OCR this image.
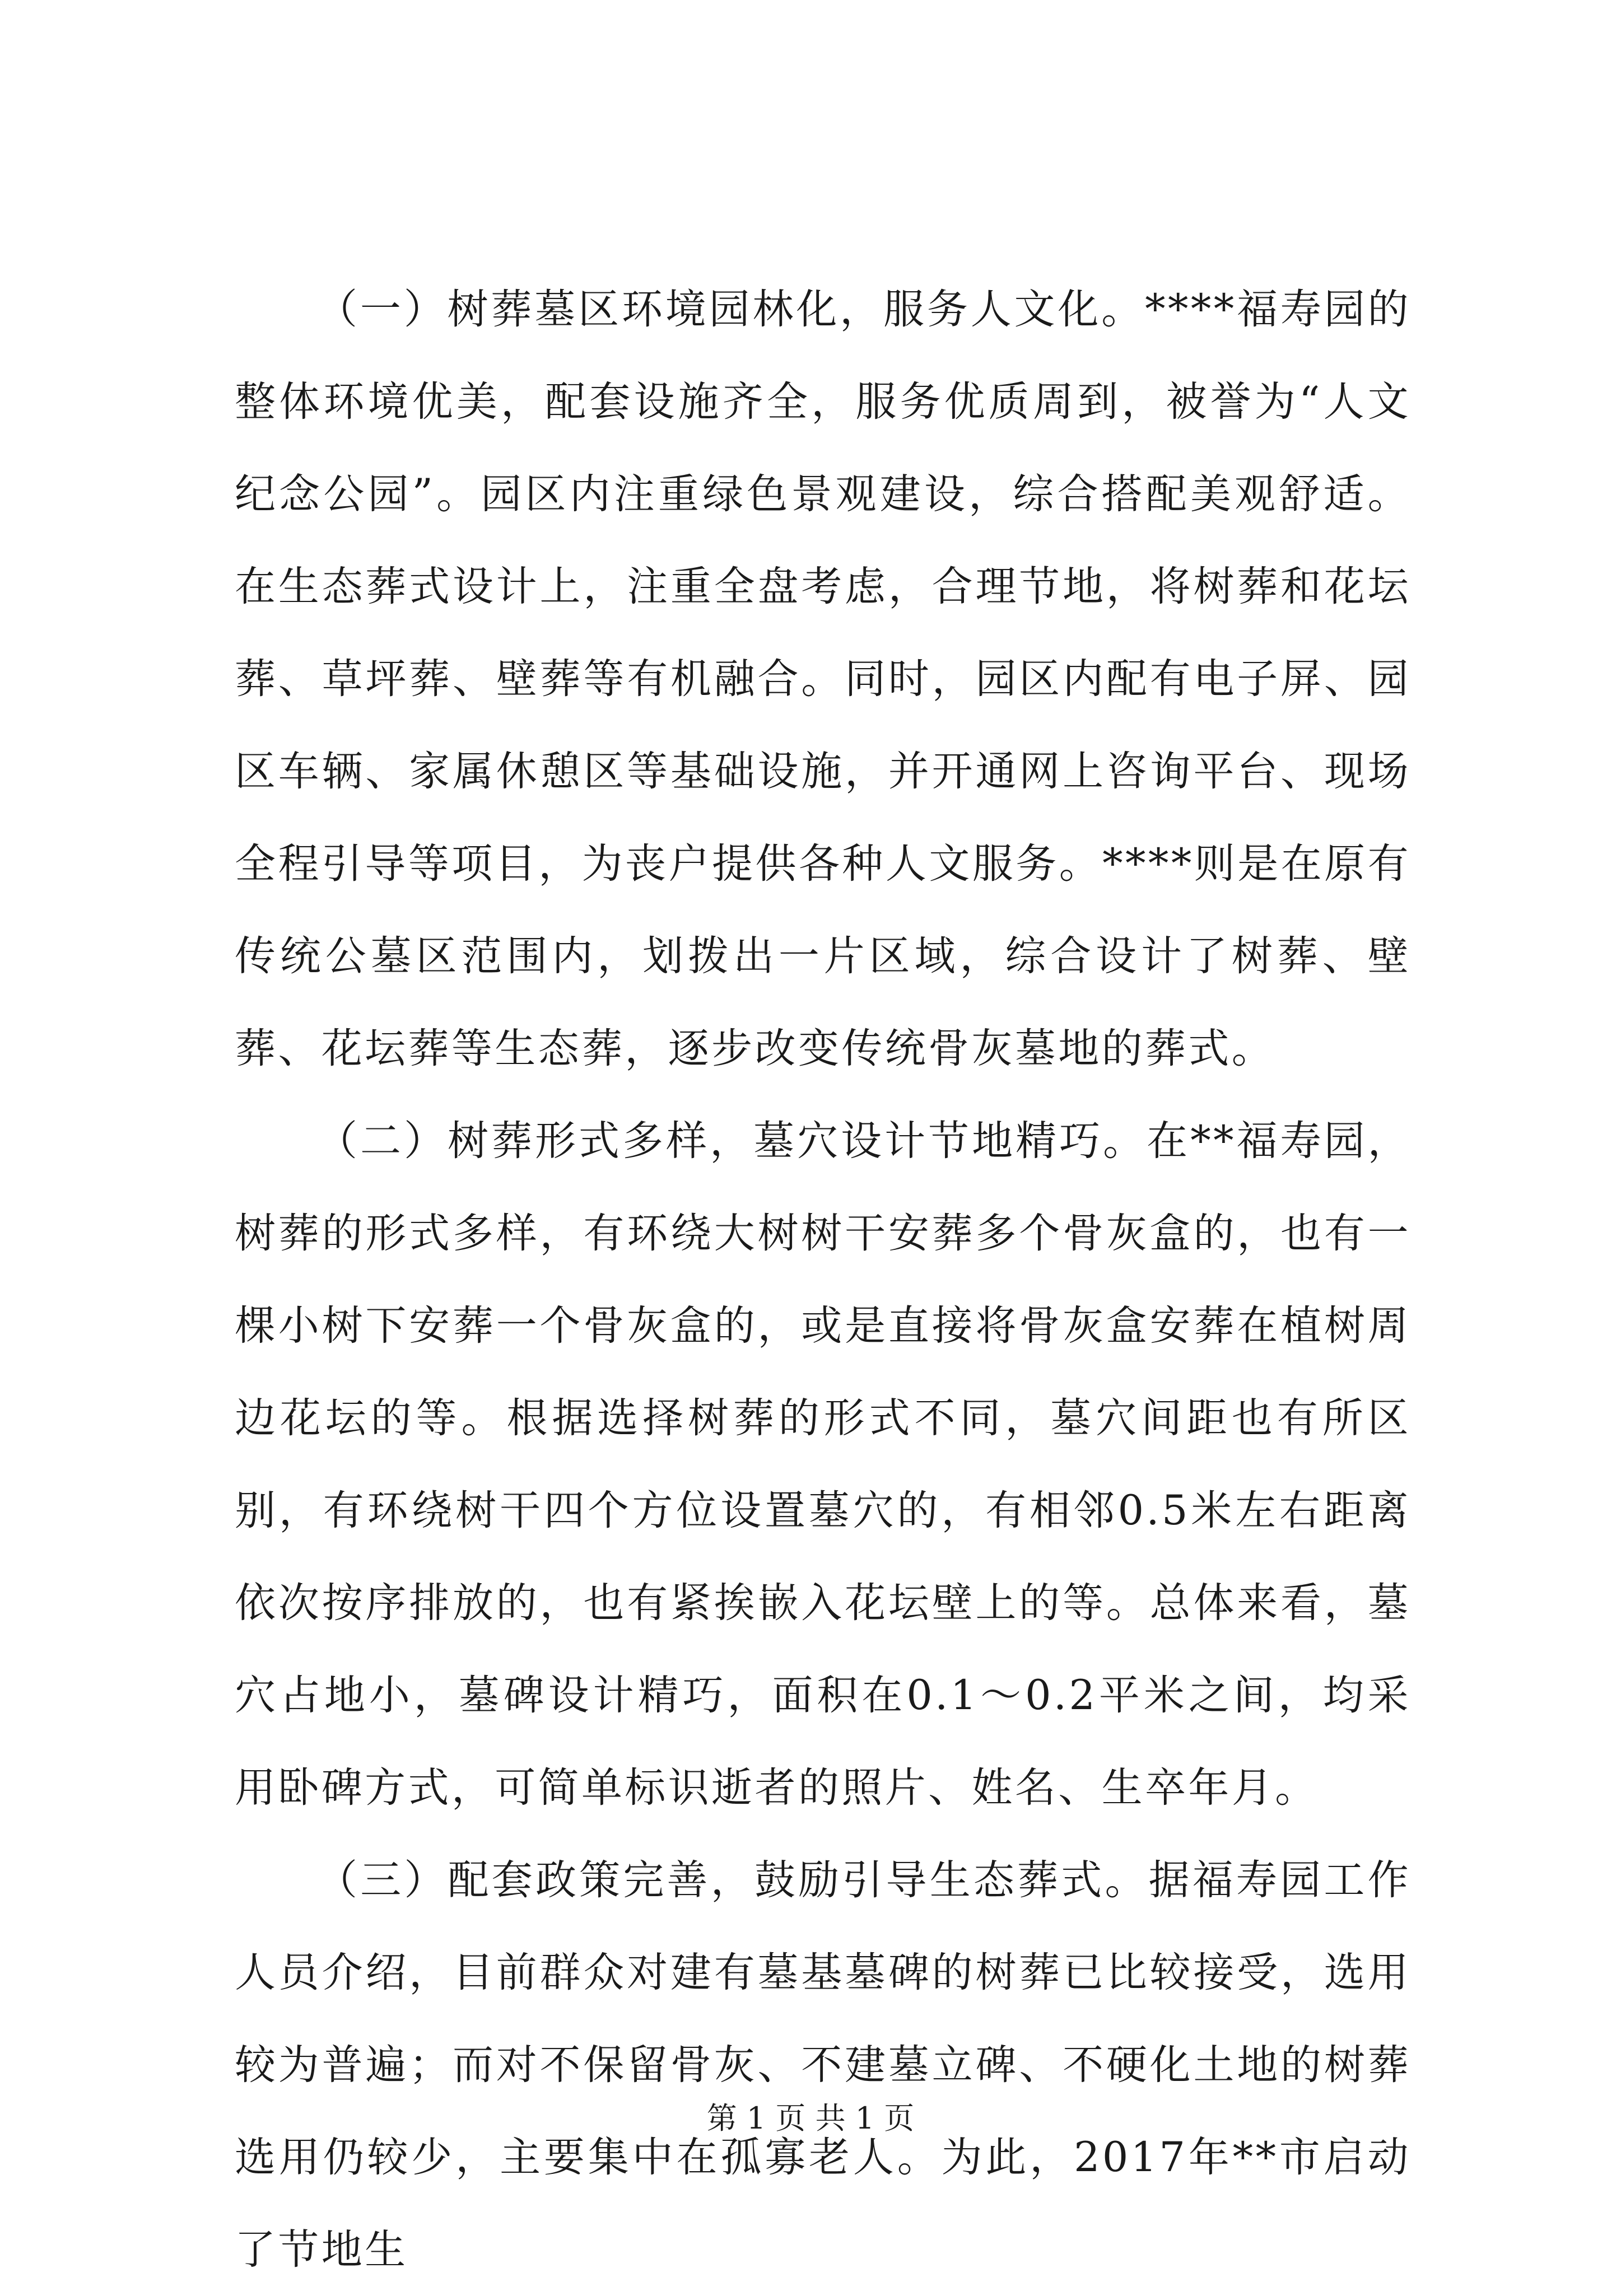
（一）树葬墓区环境园林化，服务人文化。****福寿园的整体环境优美，配套设施齐全，服务优质周到，被誉为“人文纪念公园”。园区内注重绿色景观建设，综合搭配美观舒适。在生态葬式设计上，注重全盘考虑，合理节地，将树葬和花坛葬、草坪葬、壁葬等有机融合。同时，园区内配有电子屏、园区车辆、家属休憩区等基础设施，并开通网上咨询平台、现场全程引导等项目，为丧户提供各种人文服务。****则是在原有传统公墓区范围内，划拨出一片区域，综合设计了树葬、壁葬、花坛葬等生态葬，逐步改变传统骨灰墓地的葬式。

（二）树葬形式多样，墓穴设计节地精巧。在**福寿园，树葬的形式多样，有环绕大树树干安葬多个骨灰盒的，也有一棵小树下安葬一个骨灰盒的，或是直接将骨灰盒安葬在植树周边花坛的等。根据选择树葬的形式不同，墓穴间距也有所区别，有环绕树干四个方位设置墓穴的，有相邻0.5米左右距离依次按序排放的，也有紧挨嵌入花坛壁上的等。总体来看，墓穴占地小，墓碑设计精巧，面积在0.1～0.2平米之间，均采用卧碑方式，可简单标识逝者的照片、姓名、生卒年月。

（三）配套政策完善，鼓励引导生态葬式。据福寿园工作人员介绍，目前群众对建有墓基墓碑的树葬已比较接受，选用较为普遍；而对不保留骨灰、不建墓立碑、不硬化土地的树葬选用仍较少，主要集中在孤寡老人。为此，2017年**市启动了节地生

第 1 页 共 1 页
